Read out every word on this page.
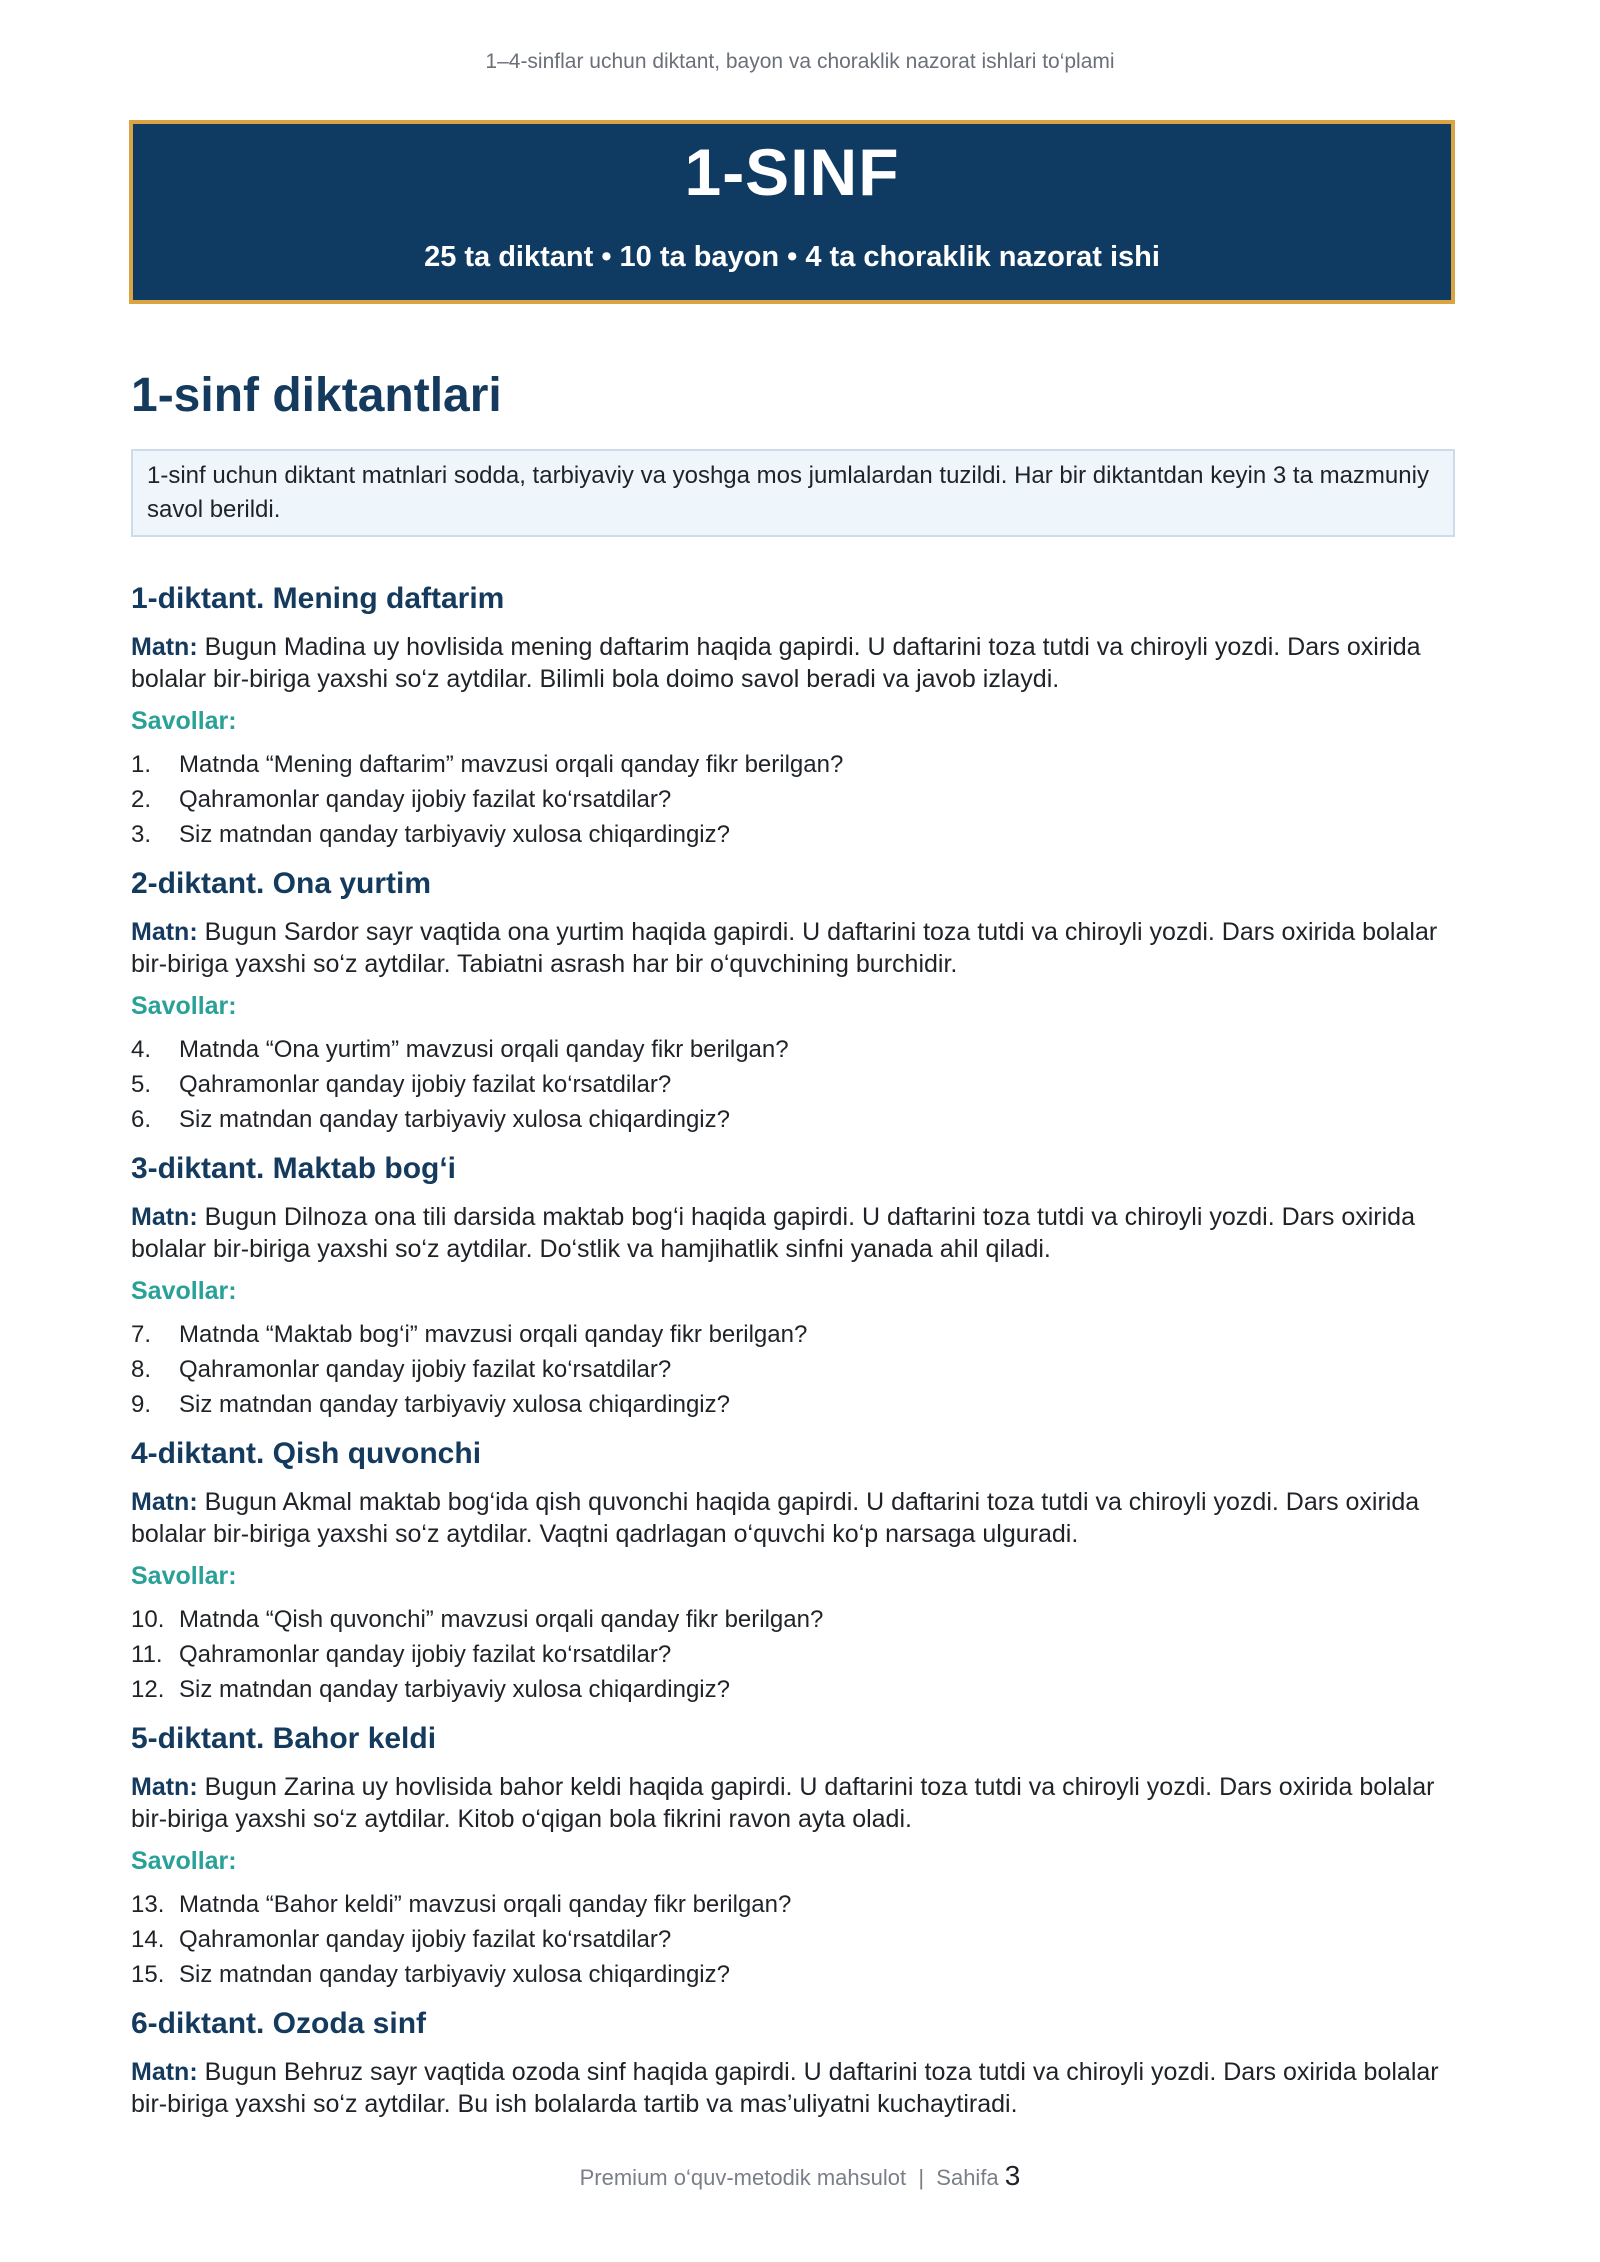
1–4-sinflar uchun diktant, bayon va choraklik nazorat ishlari to‘plami
1-SINF
25 ta diktant • 10 ta bayon • 4 ta choraklik nazorat ishi
1-sinf diktantlari
1-sinf uchun diktant matnlari sodda, tarbiyaviy va yoshga mos jumlalardan tuzildi. Har bir diktantdan keyin 3 ta mazmuniy savol berildi.
1-diktant. Mening daftarim

Matn: Bugun Madina uy hovlisida mening daftarim haqida gapirdi. U daftarini toza tutdi va chiroyli yozdi. Dars oxirida bolalar bir-biriga yaxshi so‘z aytdilar. Bilimli bola doimo savol beradi va javob izlaydi.

Savollar:
1.	Matnda “Mening daftarim” mavzusi orqali qanday fikr berilgan?
2.	Qahramonlar qanday ijobiy fazilat ko‘rsatdilar?
3.	Siz matndan qanday tarbiyaviy xulosa chiqardingiz?
2-diktant. Ona yurtim

Matn: Bugun Sardor sayr vaqtida ona yurtim haqida gapirdi. U daftarini toza tutdi va chiroyli yozdi. Dars oxirida bolalar bir-biriga yaxshi so‘z aytdilar. Tabiatni asrash har bir o‘quvchining burchidir.

Savollar:
4.	Matnda “Ona yurtim” mavzusi orqali qanday fikr berilgan?
5.	Qahramonlar qanday ijobiy fazilat ko‘rsatdilar?
6.	Siz matndan qanday tarbiyaviy xulosa chiqardingiz?
3-diktant. Maktab bog‘i

Matn: Bugun Dilnoza ona tili darsida maktab bog‘i haqida gapirdi. U daftarini toza tutdi va chiroyli yozdi. Dars oxirida bolalar bir-biriga yaxshi so‘z aytdilar. Do‘stlik va hamjihatlik sinfni yanada ahil qiladi.

Savollar:
7.	Matnda “Maktab bog‘i” mavzusi orqali qanday fikr berilgan?
8.	Qahramonlar qanday ijobiy fazilat ko‘rsatdilar?
9.	Siz matndan qanday tarbiyaviy xulosa chiqardingiz?
4-diktant. Qish quvonchi

Matn: Bugun Akmal maktab bog‘ida qish quvonchi haqida gapirdi. U daftarini toza tutdi va chiroyli yozdi. Dars oxirida bolalar bir-biriga yaxshi so‘z aytdilar. Vaqtni qadrlagan o‘quvchi ko‘p narsaga ulguradi.

Savollar:
10. Matnda “Qish quvonchi” mavzusi orqali qanday fikr berilgan?
11. Qahramonlar qanday ijobiy fazilat ko‘rsatdilar?
12. Siz matndan qanday tarbiyaviy xulosa chiqardingiz?
5-diktant. Bahor keldi

Matn: Bugun Zarina uy hovlisida bahor keldi haqida gapirdi. U daftarini toza tutdi va chiroyli yozdi. Dars oxirida bolalar bir-biriga yaxshi so‘z aytdilar. Kitob o‘qigan bola fikrini ravon ayta oladi.

Savollar:
13. Matnda “Bahor keldi” mavzusi orqali qanday fikr berilgan?
14. Qahramonlar qanday ijobiy fazilat ko‘rsatdilar?
15. Siz matndan qanday tarbiyaviy xulosa chiqardingiz?
6-diktant. Ozoda sinf

Matn: Bugun Behruz sayr vaqtida ozoda sinf haqida gapirdi. U daftarini toza tutdi va chiroyli yozdi. Dars oxirida bolalar bir-biriga yaxshi so‘z aytdilar. Bu ish bolalarda tartib va mas’uliyatni kuchaytiradi.

Premium o‘quv-metodik mahsulot | Sahifa 3
